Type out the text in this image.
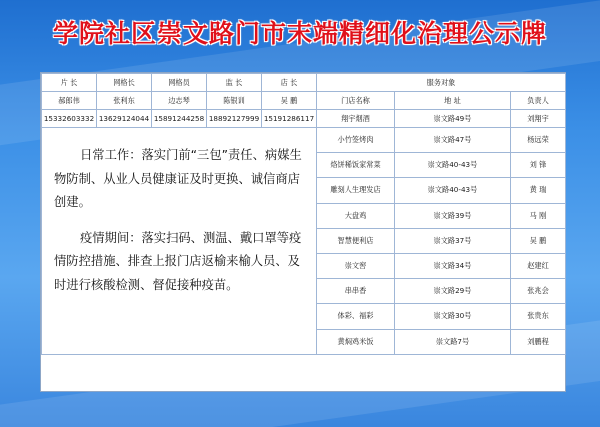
学院社区崇文路门市末端精细化治理公示牌
片 长	网格长	网格员	监 长	店 长	服务对象		
郝郎伟	张利东	边志琴	陈银训	吴 鹏	门店名称	地 址	负责人
15332603332	13629124044	15891244258	18892127999	15191286117	翔宇烟酒	崇文路49号	刘翔宇

日常工作：落实门前“三包”责任、病媒生物防制、从业人员健康证及时更换、诚信商店创建。

疫情期间：落实扫码、测温、戴口罩等疫情防控措施、排查上报门店返榆来榆人员、及时进行核酸检测、督促接种疫苗。					小竹签烤肉	崇文路47号	杨远荣
					烙饼稀饭家常菜	崇文路40-43号	刘 锋
					雕刻人生理发店	崇文路40-43号	黄 瑞
					大盘鸡	崇文路39号	马 刚
					智慧便利店	崇文路37号	吴 鹏
					崇文窖	崇文路34号	赵建红
					串串香	崇文路29号	张兆会
					体彩、福彩	崇文路30号	张贵东
					黄焖鸡米饭	崇文路7号	刘鹏程
